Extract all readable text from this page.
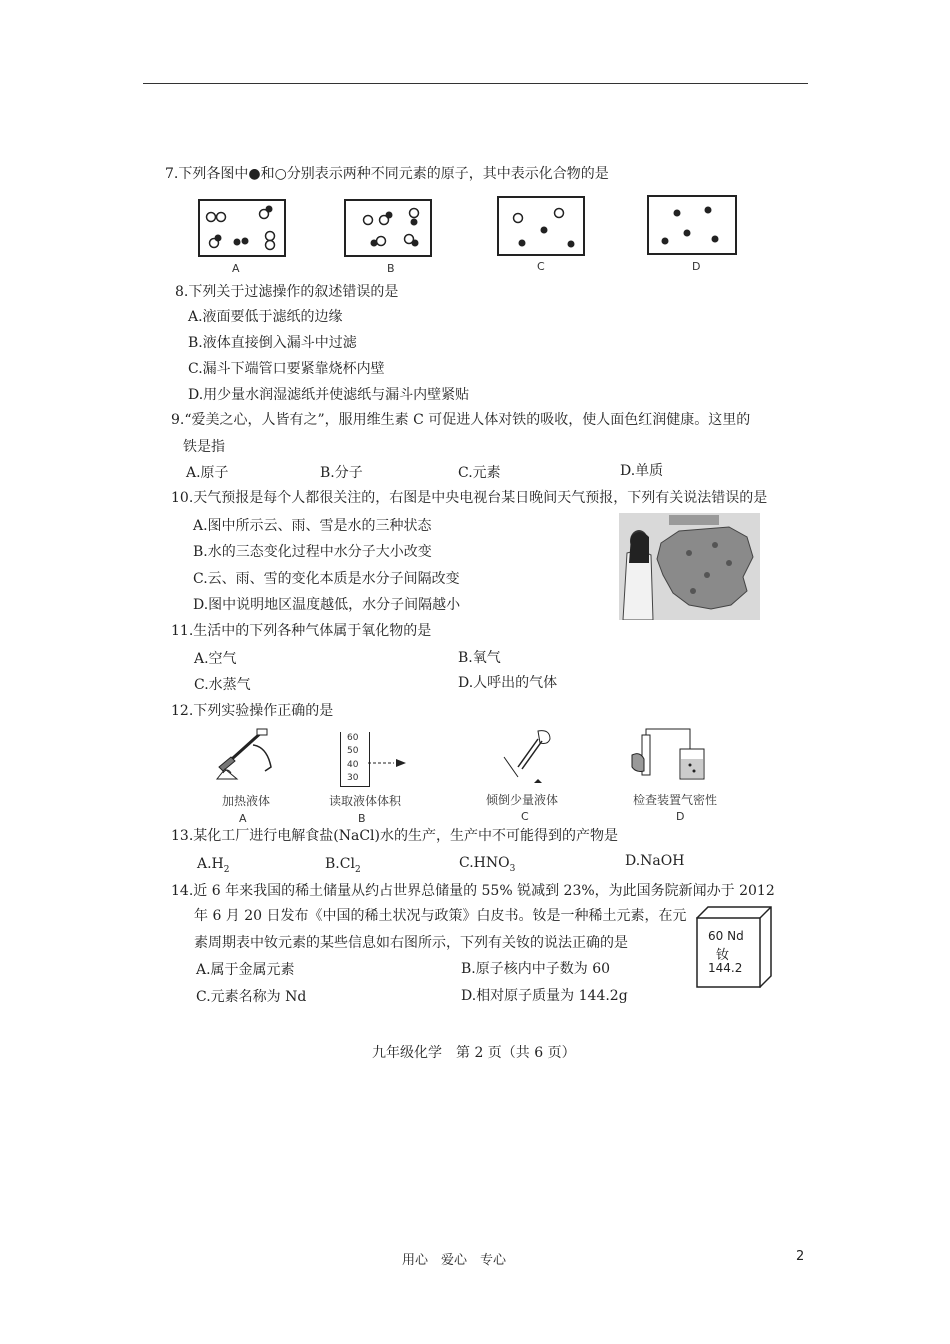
7.下列各图中●和○分别表示两种不同元素的原子，其中表示化合物的是
A	B	C	D
8.下列关于过滤操作的叙述错误的是
A.液面要低于滤纸的边缘
B.液体直接倒入漏斗中过滤
C.漏斗下端管口要紧靠烧杯内壁
D.用少量水润湿滤纸并使滤纸与漏斗内壁紧贴
9.“爱美之心，人皆有之”，服用维生素 C 可促进人体对铁的吸收，使人面色红润健康。这里的
铁是指
A.原子	B.分子	C.元素	D.单质
10.天气预报是每个人都很关注的，右图是中央电视台某日晚间天气预报，下列有关说法错误的是
A.图中所示云、雨、雪是水的三种状态
B.水的三态变化过程中水分子大小改变
C.云、雨、雪的变化本质是水分子间隔改变
D.图中说明地区温度越低，水分子间隔越小
11.生活中的下列各种气体属于氧化物的是
A.空气	B.氧气
C.水蒸气	D.人呼出的气体
12.下列实验操作正确的是
加热液体
A
60
50
40
30
读取液体体积
B
倾倒少量液体
C
检查装置气密性
D
13.某化工厂进行电解食盐(NaCl)水的生产，生产中不可能得到的产物是
$A.H_2$	$B.Cl_2$	$C.HNO_3$	D.NaOH
14.近 6 年来我国的稀土储量从约占世界总储量的 55% 锐减到 23%，为此国务院新闻办于 2012
年 6 月 20 日发布《中国的稀土状况与政策》白皮书。钕是一种稀土元素，在元
素周期表中钕元素的某些信息如右图所示，下列有关钕的说法正确的是
A.属于金属元素	B.原子核内中子数为 60
C.元素名称为 Nd	D.相对原子质量为 144.2g
60 Nd
钕
144.2
九年级化学　第 2 页（共 6 页）
用心　爱心　专心	2
